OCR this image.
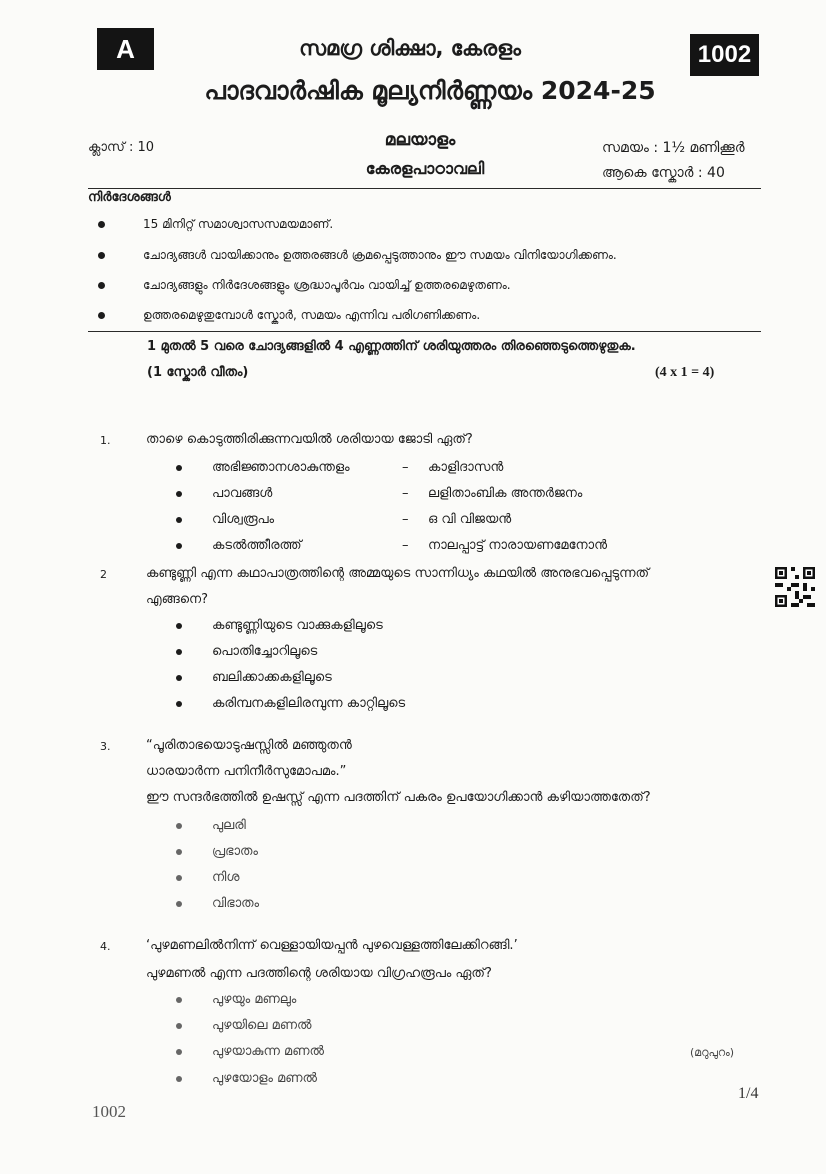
A	സമഗ്ര ശിക്ഷാ, കേരളം	1002
പാദവാർഷിക മൂല്യനിർണ്ണയം 2024-25
ക്ലാസ് : 10	മലയാളം
കേരളപാഠാവലി
സമയം : 1½ മണിക്കൂർ
ആകെ സ്കോർ : 40
നിർദേശങ്ങൾ
15 മിനിറ്റ് സമാശ്വാസസമയമാണ്.
ചോദ്യങ്ങൾ വായിക്കാനും ഉത്തരങ്ങൾ ക്രമപ്പെടുത്താനും ഈ സമയം വിനിയോഗിക്കണം.
ചോദ്യങ്ങളും നിർദേശങ്ങളും ശ്രദ്ധാപൂർവം വായിച്ച് ഉത്തരമെഴുതണം.
ഉത്തരമെഴുതുമ്പോൾ സ്കോർ, സമയം എന്നിവ പരിഗണിക്കണം.
1 മുതൽ 5 വരെ ചോദ്യങ്ങളിൽ 4 എണ്ണത്തിന് ശരിയുത്തരം തിരഞ്ഞെടുത്തെഴുതുക.
(1 സ്കോർ വീതം)	(4 x 1 = 4)
1.	താഴെ കൊടുത്തിരിക്കുന്നവയിൽ ശരിയായ ജോടി ഏത്?
അഭിജ്ഞാനശാകുന്തളം	– കാളിദാസൻ
പാവങ്ങൾ	– ലളിതാംബിക അന്തർജനം
വിശ്വരൂപം	– ഒ വി വിജയൻ
കടൽത്തീരത്ത്	– നാലപ്പാട്ട് നാരായണമേനോൻ
2	കണ്ടുണ്ണി എന്ന കഥാപാത്രത്തിന്റെ അമ്മയുടെ സാന്നിധ്യം കഥയിൽ അനുഭവപ്പെടുന്നത്
എങ്ങനെ?
കണ്ടുണ്ണിയുടെ വാക്കുകളിലൂടെ
പൊതിച്ചോറിലൂടെ
ബലിക്കാക്കകളിലൂടെ
കരിമ്പനകളിലിരമ്പുന്ന കാറ്റിലൂടെ
3.	“പൂരിതാഭയൊടുഷസ്സിൽ മഞ്ഞുതൻ
ധാരയാർന്ന പനിനീർസുമോപമം.”
ഈ സന്ദർഭത്തിൽ ഉഷസ്സ് എന്ന പദത്തിന് പകരം ഉപയോഗിക്കാൻ കഴിയാത്തതേത്?
പുലരി
പ്രഭാതം
നിശ
വിഭാതം
4.	‘പുഴമണലിൽനിന്ന് വെള്ളായിയപ്പൻ പുഴവെള്ളത്തിലേക്കിറങ്ങി.’
പുഴമണൽ എന്ന പദത്തിന്റെ ശരിയായ വിഗ്രഹരൂപം ഏത്?
പുഴയും മണലും
പുഴയിലെ മണൽ
പുഴയാകുന്ന മണൽ
പുഴയോളം മണൽ
(മറുപുറം)
1/4
1002
